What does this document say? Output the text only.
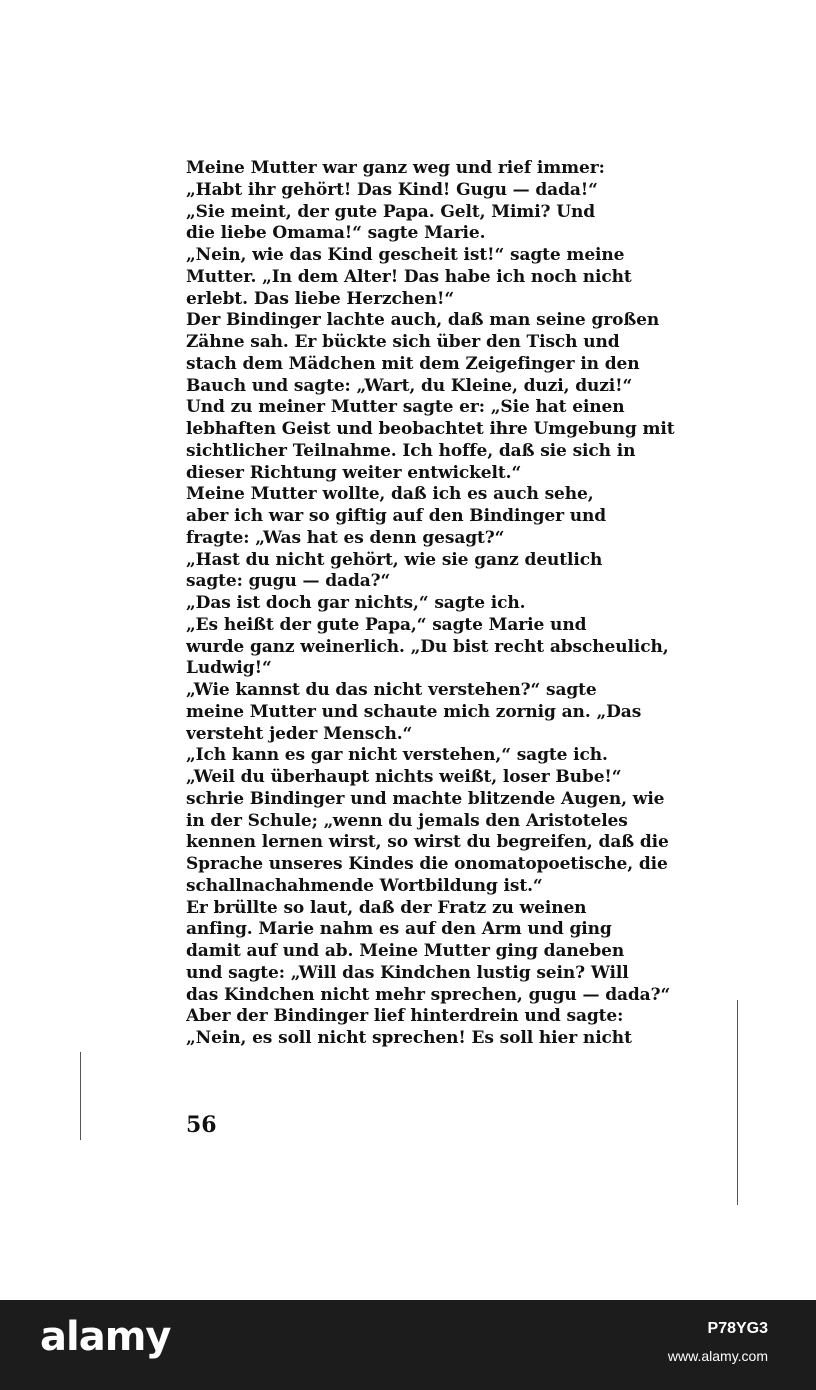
Meine Mutter war ganz weg und rief immer:
„Habt ihr gehört! Das Kind! Gugu — dada!“
„Sie meint, der gute Papa. Gelt, Mimi? Und
die liebe Omama!“ sagte Marie.
„Nein, wie das Kind gescheit ist!“ sagte meine
Mutter. „In dem Alter! Das habe ich noch nicht
erlebt. Das liebe Herzchen!“
Der Bindinger lachte auch, daß man seine großen
Zähne sah. Er bückte sich über den Tisch und
stach dem Mädchen mit dem Zeigefinger in den
Bauch und sagte: „Wart, du Kleine, duzi, duzi!“
Und zu meiner Mutter sagte er: „Sie hat einen
lebhaften Geist und beobachtet ihre Umgebung mit
sichtlicher Teilnahme. Ich hoffe, daß sie sich in
dieser Richtung weiter entwickelt.“
Meine Mutter wollte, daß ich es auch sehe,
aber ich war so giftig auf den Bindinger und
fragte: „Was hat es denn gesagt?“
„Hast du nicht gehört, wie sie ganz deutlich
sagte: gugu — dada?“
„Das ist doch gar nichts,“ sagte ich.
„Es heißt der gute Papa,“ sagte Marie und
wurde ganz weinerlich. „Du bist recht abscheulich,
Ludwig!“
„Wie kannst du das nicht verstehen?“ sagte
meine Mutter und schaute mich zornig an. „Das
versteht jeder Mensch.“
„Ich kann es gar nicht verstehen,“ sagte ich.
„Weil du überhaupt nichts weißt, loser Bube!“
schrie Bindinger und machte blitzende Augen, wie
in der Schule; „wenn du jemals den Aristoteles
kennen lernen wirst, so wirst du begreifen, daß die
Sprache unseres Kindes die onomatopoetische, die
schallnachahmende Wortbildung ist.“
Er brüllte so laut, daß der Fratz zu weinen
anfing. Marie nahm es auf den Arm und ging
damit auf und ab. Meine Mutter ging daneben
und sagte: „Will das Kindchen lustig sein? Will
das Kindchen nicht mehr sprechen, gugu — dada?“
Aber der Bindinger lief hinterdrein und sagte:
„Nein, es soll nicht sprechen! Es soll hier nicht
56
alamy	P78YG3
www.alamy.com
